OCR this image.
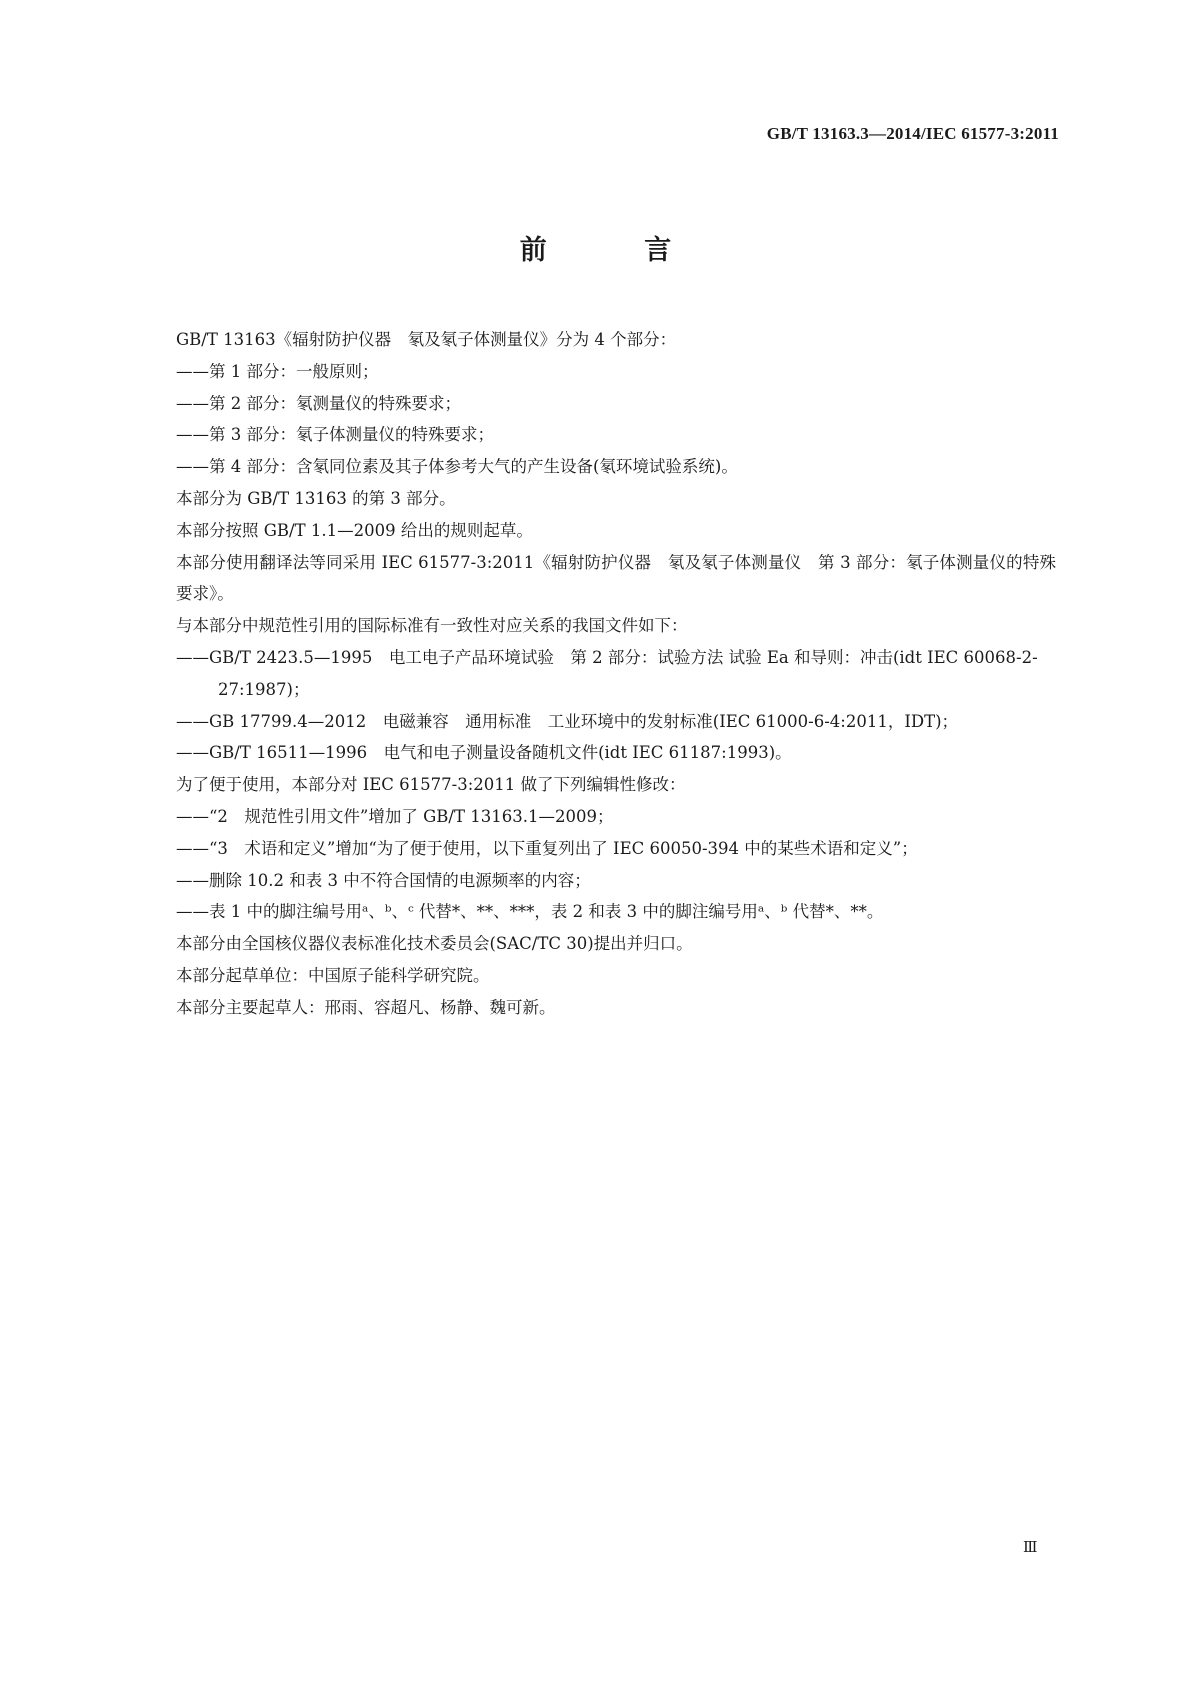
GB/T 13163.3—2014/IEC 61577-3:2011
前 言

GB/T 13163《辐射防护仪器　氡及氡子体测量仪》分为 4 个部分：

——第 1 部分：一般原则；

——第 2 部分：氡测量仪的特殊要求；

——第 3 部分：氡子体测量仪的特殊要求；

——第 4 部分：含氡同位素及其子体参考大气的产生设备(氡环境试验系统)。

本部分为 GB/T 13163 的第 3 部分。

本部分按照 GB/T 1.1—2009 给出的规则起草。

本部分使用翻译法等同采用 IEC 61577-3:2011《辐射防护仪器　氡及氡子体测量仪　第 3 部分：氡子体测量仪的特殊要求》。

与本部分中规范性引用的国际标准有一致性对应关系的我国文件如下：

——GB/T 2423.5—1995　电工电子产品环境试验　第 2 部分：试验方法 试验 Ea 和导则：冲击(idt IEC 60068-2-27:1987)；

——GB 17799.4—2012　电磁兼容　通用标准　工业环境中的发射标准(IEC 61000-6-4:2011，IDT)；

——GB/T 16511—1996　电气和电子测量设备随机文件(idt IEC 61187:1993)。

为了便于使用，本部分对 IEC 61577-3:2011 做了下列编辑性修改：

——“2　规范性引用文件”增加了 GB/T 13163.1—2009；

——“3　术语和定义”增加“为了便于使用，以下重复列出了 IEC 60050-394 中的某些术语和定义”；

——删除 10.2 和表 3 中不符合国情的电源频率的内容；

——表 1 中的脚注编号用ᵃ、ᵇ、ᶜ 代替*、**、***，表 2 和表 3 中的脚注编号用ᵃ、ᵇ 代替*、**。

本部分由全国核仪器仪表标准化技术委员会(SAC/TC 30)提出并归口。

本部分起草单位：中国原子能科学研究院。

本部分主要起草人：邢雨、容超凡、杨静、魏可新。

Ⅲ
